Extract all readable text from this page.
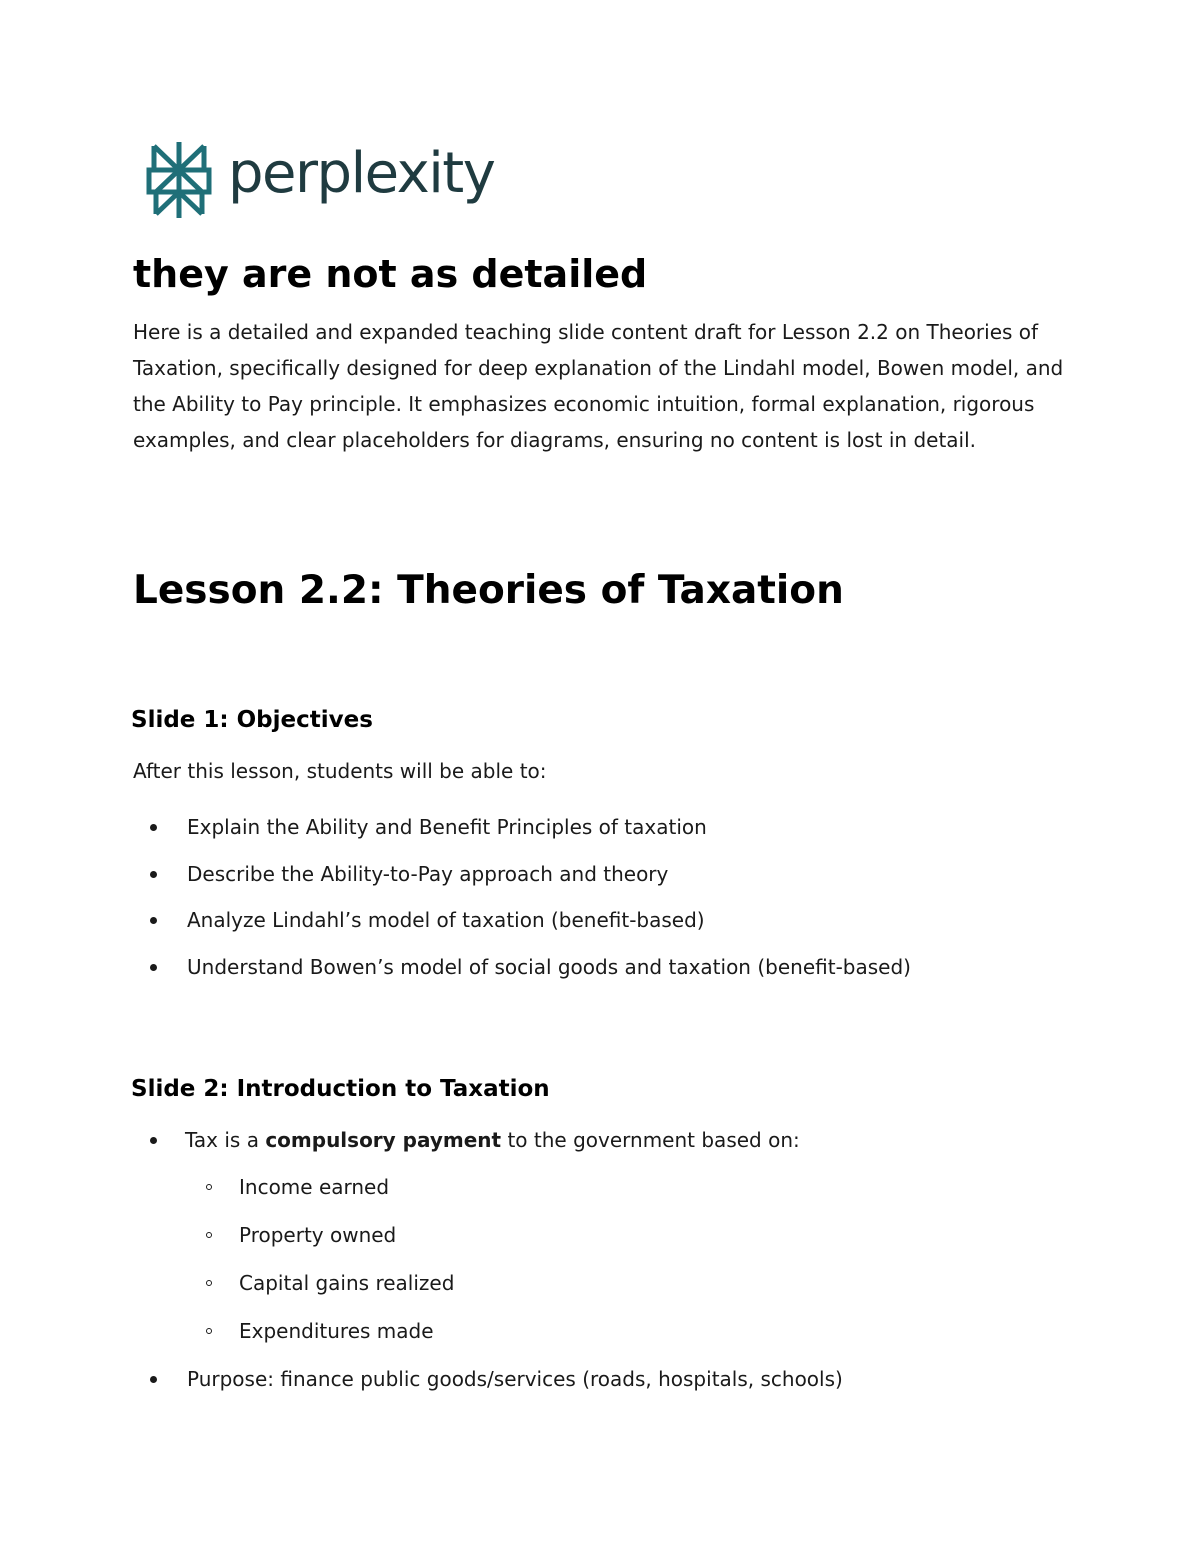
perplexity
they are not as detailed

Here is a detailed and expanded teaching slide content draft for Lesson 2.2 on Theories of Taxation, specifically designed for deep explanation of the Lindahl model, Bowen model, and the Ability to Pay principle. It emphasizes economic intuition, formal explanation, rigorous examples, and clear placeholders for diagrams, ensuring no content is lost in detail.

Lesson 2.2: Theories of Taxation
Slide 1: Objectives

After this lesson, students will be able to:

Explain the Ability and Benefit Principles of taxation
Describe the Ability-to-Pay approach and theory
Analyze Lindahl’s model of taxation (benefit-based)
Understand Bowen’s model of social goods and taxation (benefit-based)
Slide 2: Introduction to Taxation
Tax is a compulsory payment to the government based on:
Income earned
Property owned
Capital gains realized
Expenditures made
Purpose: finance public goods/services (roads, hospitals, schools)
